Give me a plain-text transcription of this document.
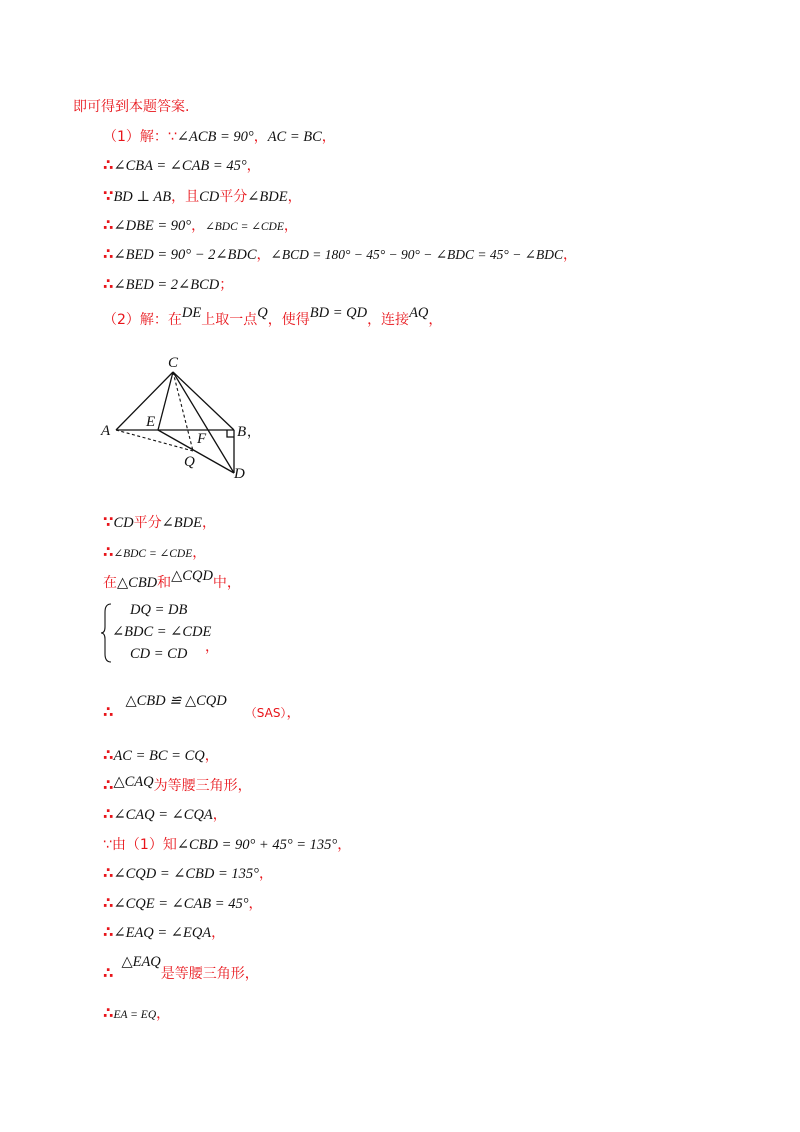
即可得到本题答案.
（1）解：∵∠ACB = 90°，AC = BC，
∴∠CBA = ∠CAB = 45°，
∵BD ⊥ AB，且CD平分∠BDE，
∴∠DBE = 90°，∠BDC = ∠CDE，
∴∠BED = 90° − 2∠BDC，∠BCD = 180° − 45° − 90° − ∠BDC = 45° − ∠BDC，
∴∠BED = 2∠BCD；
（2）解：在DE上取一点Q，使得BD = QD，连接AQ，
C
A
E
F B ，
Q
D
∵CD平分∠BDE，
∴∠BDC = ∠CDE，
在△CBD和△CQD中，
DQ = DB
∠BDC = ∠CDE
CD = CD ，
∴△CBD ≌ △CQD（SAS），
∴AC = BC = CQ，
∴△CAQ为等腰三角形，
∴∠CAQ = ∠CQA，
∵由（1）知∠CBD = 90° + 45° = 135°，
∴∠CQD = ∠CBD = 135°，
∴∠CQE = ∠CAB = 45°，
∴∠EAQ = ∠EQA，
∴△EAQ是等腰三角形，
∴EA = EQ，
